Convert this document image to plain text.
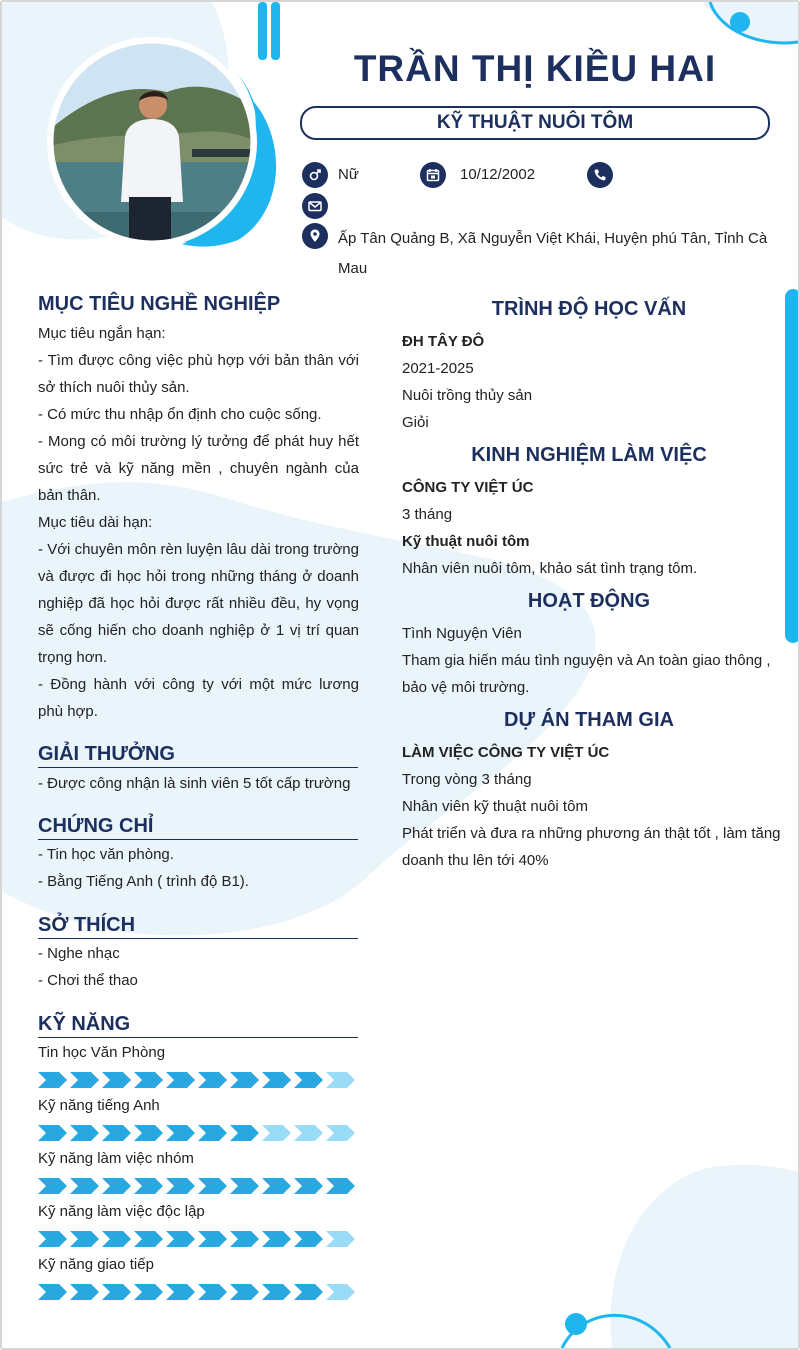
TRẦN THỊ KIỀU HAI
KỸ THUẬT NUÔI TÔM
Nữ	10/12/2002
Ấp Tân Quảng B, Xã Nguyễn Việt Khái, Huyện phú Tân, Tỉnh Cà Mau
MỤC TIÊU NGHỀ NGHIỆP
Mục tiêu ngắn hạn:
- Tìm được công việc phù hợp với bản thân với sở thích nuôi thủy sản.
- Có mức thu nhập ổn định cho cuộc sống.
- Mong có môi trường lý tưởng để phát huy hết sức trẻ và kỹ năng mền , chuyên ngành của bản thân.
Mục tiêu dài hạn:
- Với chuyên môn rèn luyện lâu dài trong trường và được đi học hỏi trong những tháng ở doanh nghiệp đã học hỏi được rất nhiều đều, hy vọng sẽ cống hiến cho doanh nghiệp ở 1 vị trí quan trọng hơn.
- Đồng hành với công ty với một mức lương phù hợp.
GIẢI THƯỞNG
- Được công nhận là sinh viên 5 tốt cấp trường
CHỨNG CHỈ
- Tin học văn phòng.
- Bằng Tiếng Anh ( trình độ B1).
SỞ THÍCH
- Nghe nhạc
- Chơi thể thao
KỸ NĂNG
Tin học Văn Phòng
Kỹ năng tiếng Anh
Kỹ năng làm việc nhóm
Kỹ năng làm việc độc lập
Kỹ năng giao tiếp
TRÌNH ĐỘ HỌC VẤN
ĐH TÂY ĐÔ
2021-2025
Nuôi trồng thủy sản
Giỏi
KINH NGHIỆM LÀM VIỆC
CÔNG TY VIỆT ÚC
3 tháng
Kỹ thuật nuôi tôm
Nhân viên nuôi tôm, khảo sát tình trạng tôm.
HOẠT ĐỘNG
Tình Nguyện Viên
Tham gia hiến máu tình nguyện và An toàn giao thông , bảo vệ môi trường.
DỰ ÁN THAM GIA
LÀM VIỆC CÔNG TY VIỆT ÚC
Trong vòng 3 tháng
Nhân viên kỹ thuật nuôi tôm
Phát triển và đưa ra những phương án thật tốt , làm tăng doanh thu lên tới 40%
